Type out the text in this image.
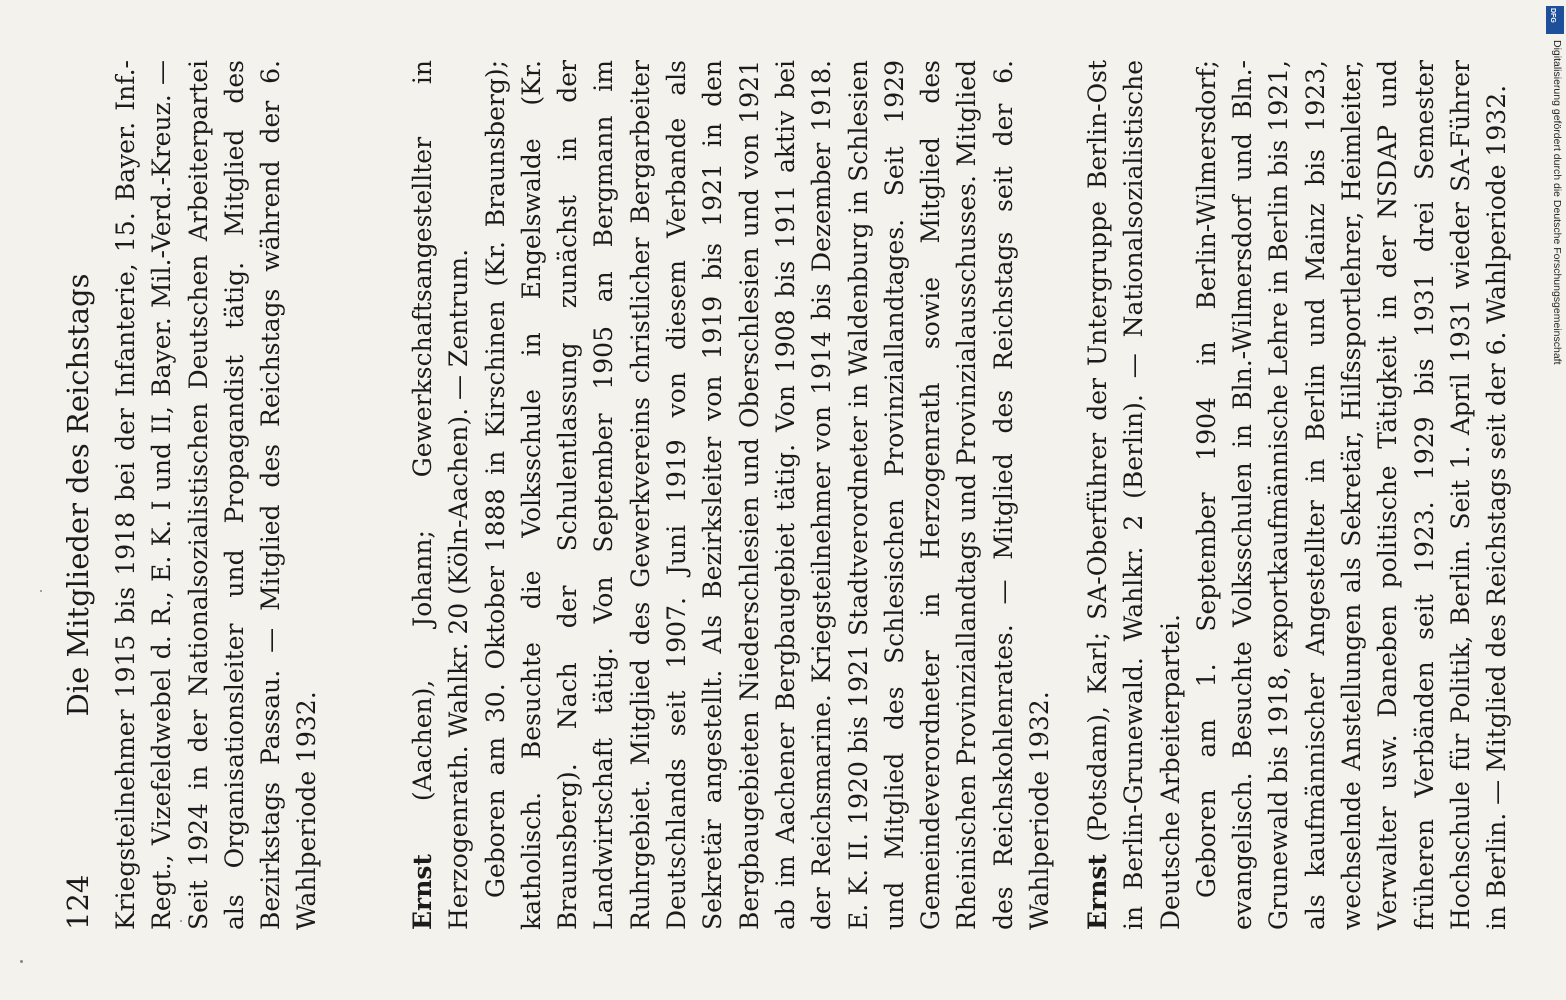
124
Die Mitglieder des Reichstags Kriegsteilnehmer 1915 bis 1918 bei der Infanterie, 15. Bayer. Inf.-Regt., Vizefeldwebel d. R., E. K. I und II, Bayer. Mil.-Verd.-Kreuz. — Seit 1924 in der Nationalsozialistischen Deutschen Arbeiterpartei als Organisationsleiter und Propagandist tätig. Mitglied des Bezirkstags Passau. — Mitglied des Reichstags während der 6. Wahlperiode 1932.	Ernst (Aachen), Johann; Gewerkschaftsangestellter in Herzogenrath. Wahlkr. 20 (Köln-Aachen). — Zentrum. Geboren am 30. Oktober 1888 in Kirschinen (Kr. Braunsberg); katholisch. Besuchte die Volksschule in Engelswalde (Kr. Braunsberg). Nach der Schulentlassung zunächst in der Landwirtschaft tätig. Von September 1905 an Bergmann im Ruhrgebiet. Mitglied des Gewerkvereins christlicher Bergarbeiter Deutschlands seit 1907. Juni 1919 von diesem Verbande als Sekretär angestellt. Als Bezirksleiter von 1919 bis 1921 in den Bergbaugebieten Niederschlesien und Oberschlesien und von 1921 ab im Aachener Bergbaugebiet tätig. Von 1908 bis 1911 aktiv bei der Reichsmarine. Kriegsteilnehmer von 1914 bis Dezember 1918. E. K. II. 1920 bis 1921 Stadtverordneter in Waldenburg in Schlesien und Mitglied des Schlesischen Provinziallandtages. Seit 1929 Gemeindeverordneter in Herzogenrath sowie Mitglied des Rheinischen Provinziallandtags und Provinzialausschusses. Mitglied des Reichskohlenrates. — Mitglied des Reichstags seit der 6. Wahlperiode 1932. Ernst (Potsdam), Karl; SA-Oberführer der Untergruppe Berlin-Ost in Berlin-Grunewald. Wahlkr. 2 (Berlin). — Nationalsozialistische Deutsche Arbeiterpartei. Geboren am 1. September 1904 in Berlin-Wilmersdorf; evangelisch. Besuchte Volksschulen in Bln.-Wilmersdorf und Bln.-Grunewald bis 1918, exportkaufmännische Lehre in Berlin bis 1921, als kaufmännischer Angestellter in Berlin und Mainz bis 1923, wechselnde Anstellungen als Sekretär, Hilfssportlehrer, Heimleiter, Verwalter usw. Daneben politische Tätigkeit in der NSDAP und früheren Verbänden seit 1923. 1929 bis 1931 drei Semester Hochschule für Politik, Berlin. Seit 1. April 1931 wieder SA-Führer in Berlin. — Mitglied des Reichstags seit der 6. Wahlperiode 1932.

DFG
Digitalisierung gefördert durch die Deutsche Forschungsgemeinschaft
